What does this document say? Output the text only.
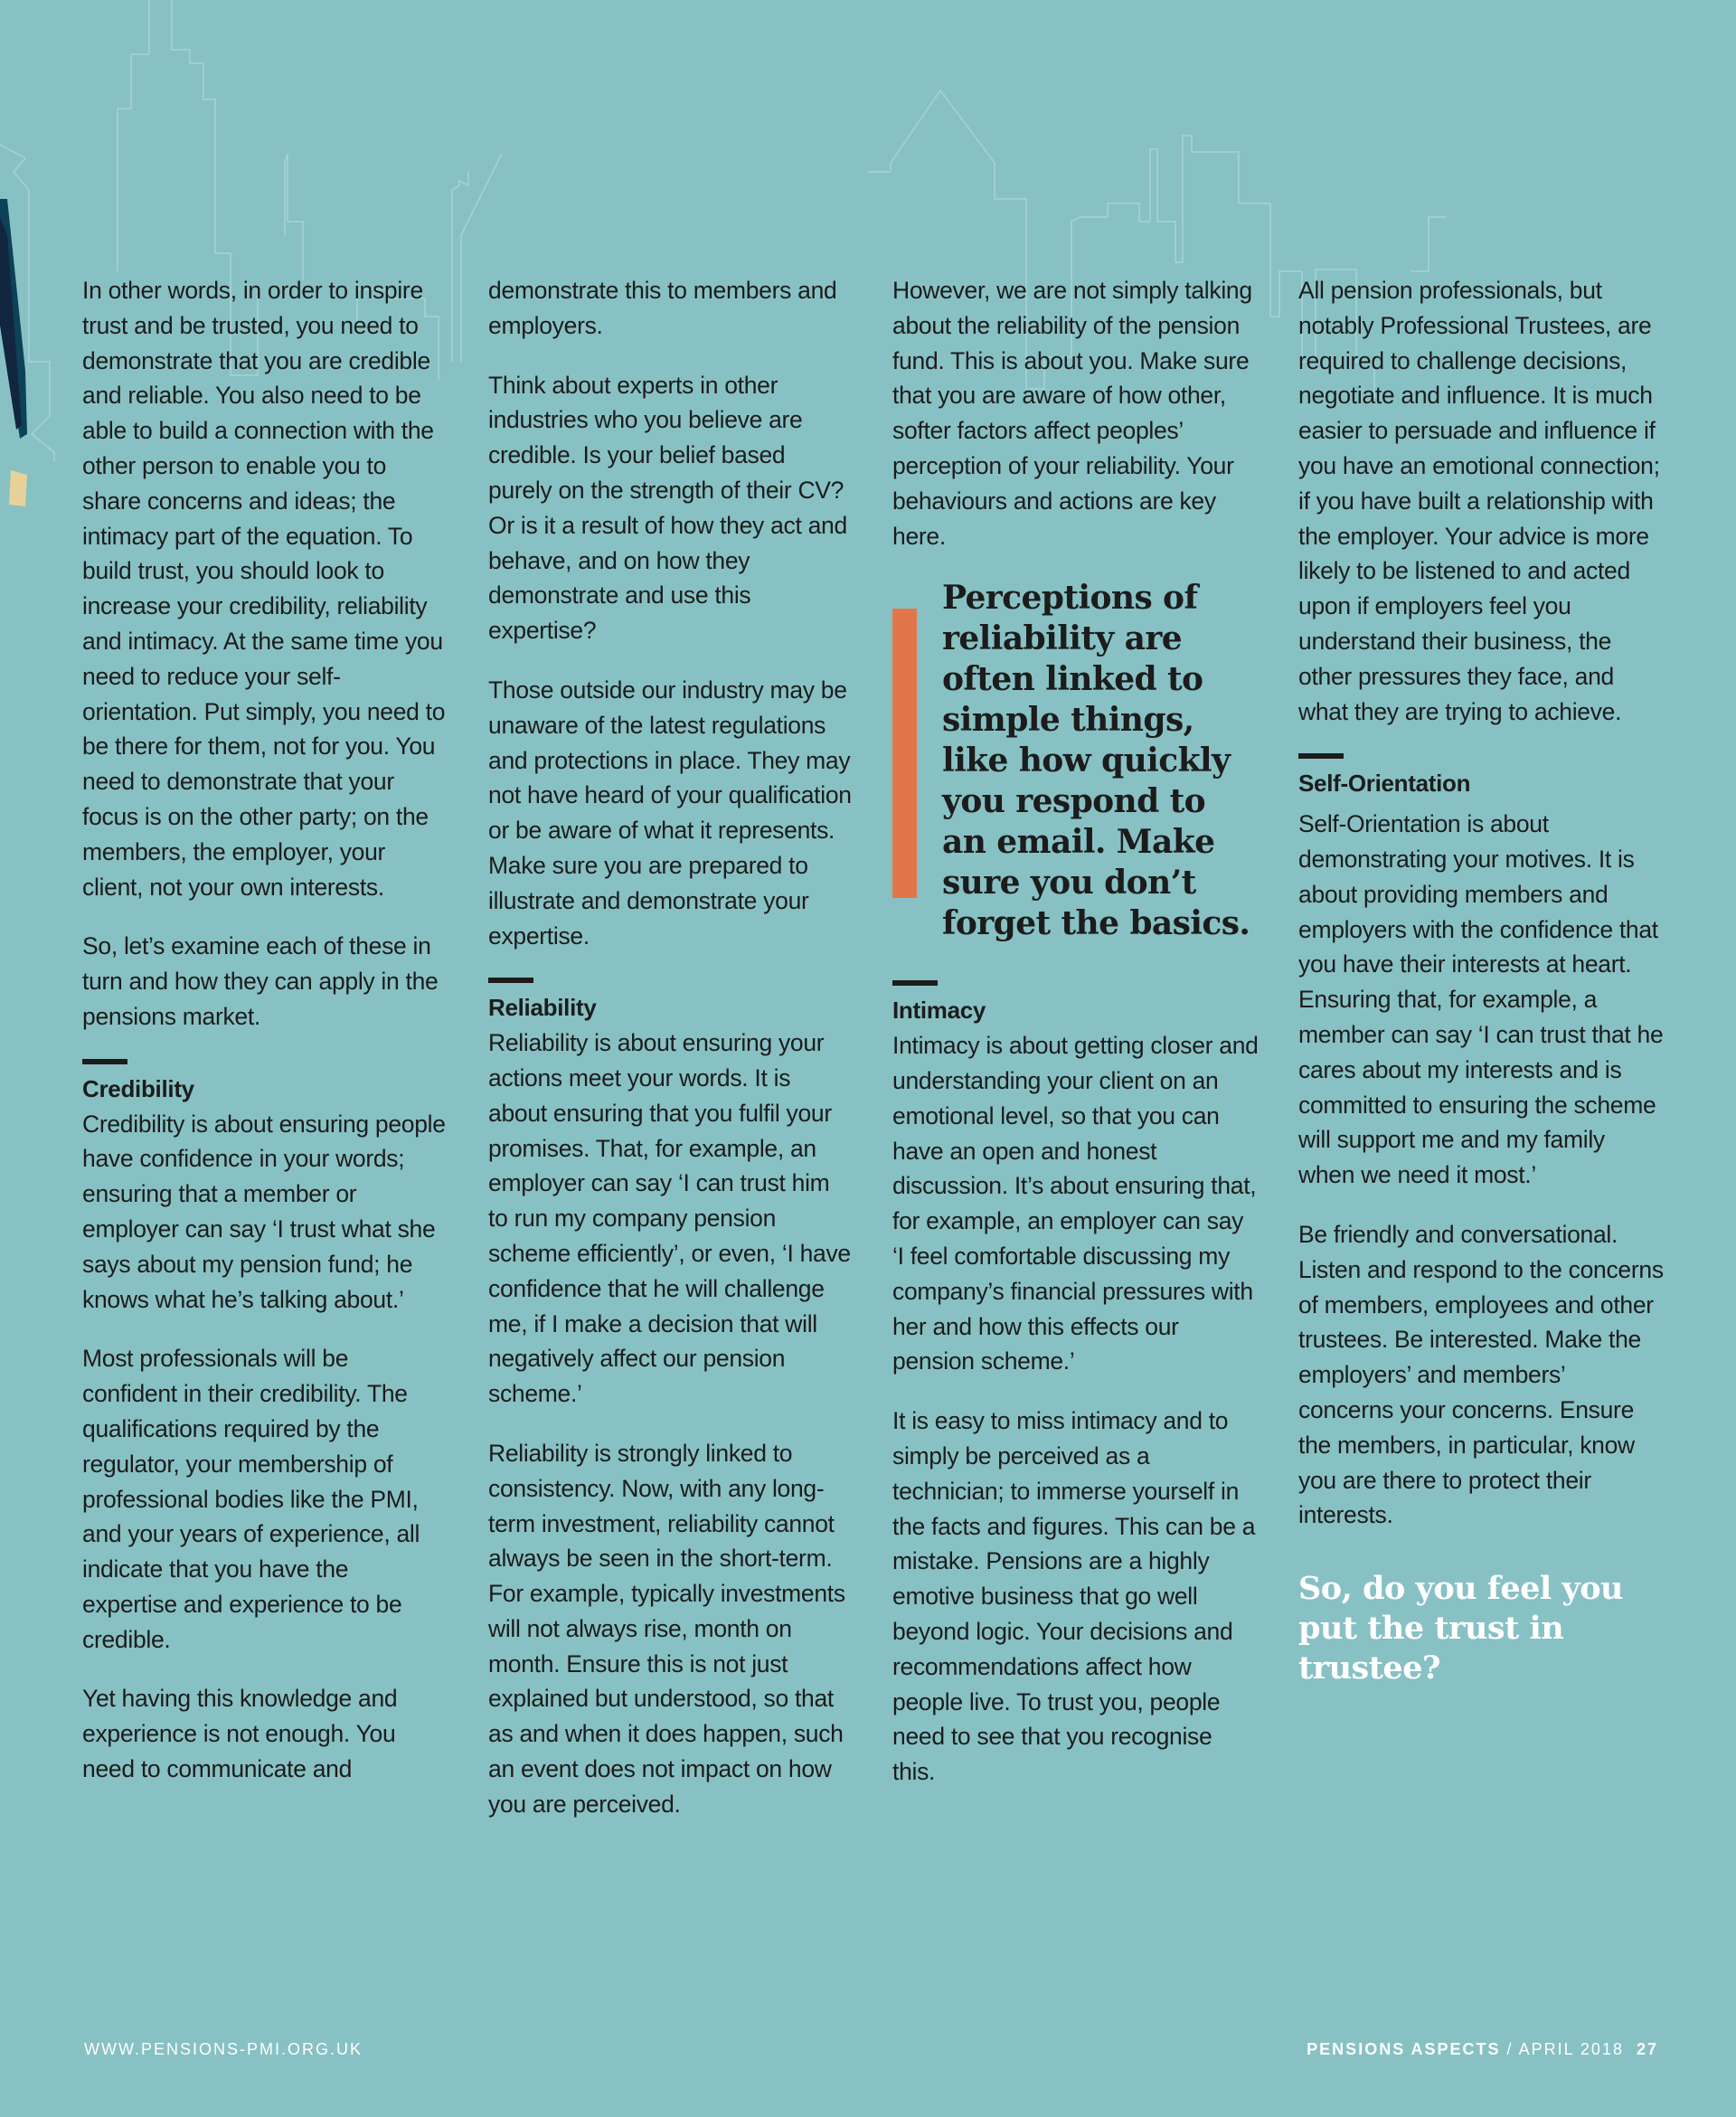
In other words, in order to inspire trust and be trusted, you need to demonstrate that you are credible and reliable. You also need to be able to build a connection with the other person to enable you to share concerns and ideas; the intimacy part of the equation. To build trust, you should look to increase your credibility, reliability and intimacy. At the same time you need to reduce your self-orientation. Put simply, you need to be there for them, not for you. You need to demonstrate that your focus is on the other party; on the members, the employer, your client, not your own interests.

So, let’s examine each of these in turn and how they can apply in the pensions market.

Credibility

Credibility is about ensuring people have confidence in your words; ensuring that a member or employer can say ‘I trust what she says about my pension fund; he knows what he’s talking about.’

Most professionals will be confident in their credibility. The qualifications required by the regulator, your membership of professional bodies like the PMI, and your years of experience, all indicate that you have the expertise and experience to be credible.

Yet having this knowledge and experience is not enough. You need to communicate and

demonstrate this to members and employers.

Think about experts in other industries who you believe are credible. Is your belief based purely on the strength of their CV? Or is it a result of how they act and behave, and on how they demonstrate and use this expertise?

Those outside our industry may be unaware of the latest regulations and protections in place. They may not have heard of your qualification or be aware of what it represents. Make sure you are prepared to illustrate and demonstrate your expertise.

Reliability

Reliability is about ensuring your actions meet your words. It is about ensuring that you fulfil your promises. That, for example, an employer can say ‘I can trust him to run my company pension scheme efficiently’, or even, ‘I have confidence that he will challenge me, if I make a decision that will negatively affect our pension scheme.’

Reliability is strongly linked to consistency. Now, with any long-term investment, reliability cannot always be seen in the short-term. For example, typically investments will not always rise, month on month. Ensure this is not just explained but understood, so that as and when it does happen, such an event does not impact on how you are perceived.

However, we are not simply talking about the reliability of the pension fund. This is about you. Make sure that you are aware of how other, softer factors affect peoples’ perception of your reliability. Your behaviours and actions are key here.

Perceptions of reliability are often linked to simple things, like how quickly you respond to an email. Make sure you don’t forget the basics.
Intimacy

Intimacy is about getting closer and understanding your client on an emotional level, so that you can have an open and honest discussion. It’s about ensuring that, for example, an employer can say ‘I feel comfortable discussing my company’s financial pressures with her and how this effects our pension scheme.’

It is easy to miss intimacy and to simply be perceived as a technician; to immerse yourself in the facts and figures. This can be a mistake. Pensions are a highly emotive business that go well beyond logic. Your decisions and recommendations affect how people live. To trust you, people need to see that you recognise this.

All pension professionals, but notably Professional Trustees, are required to challenge decisions, negotiate and influence. It is much easier to persuade and influence if you have an emotional connection; if you have built a relationship with the employer. Your advice is more likely to be listened to and acted upon if employers feel you understand their business, the other pressures they face, and what they are trying to achieve.

Self-Orientation

Self-Orientation is about demonstrating your motives. It is about providing members and employers with the confidence that you have their interests at heart. Ensuring that, for example, a member can say ‘I can trust that he cares about my interests and is committed to ensuring the scheme will support me and my family when we need it most.’

Be friendly and conversational. Listen and respond to the concerns of members, employees and other trustees. Be interested. Make the employers’ and members’ concerns your concerns. Ensure the members, in particular, know you are there to protect their interests.

So, do you feel you put the trust in trustee?
WWW.PENSIONS-PMI.ORG.UK	PENSIONS ASPECTS / APRIL 2018 27
